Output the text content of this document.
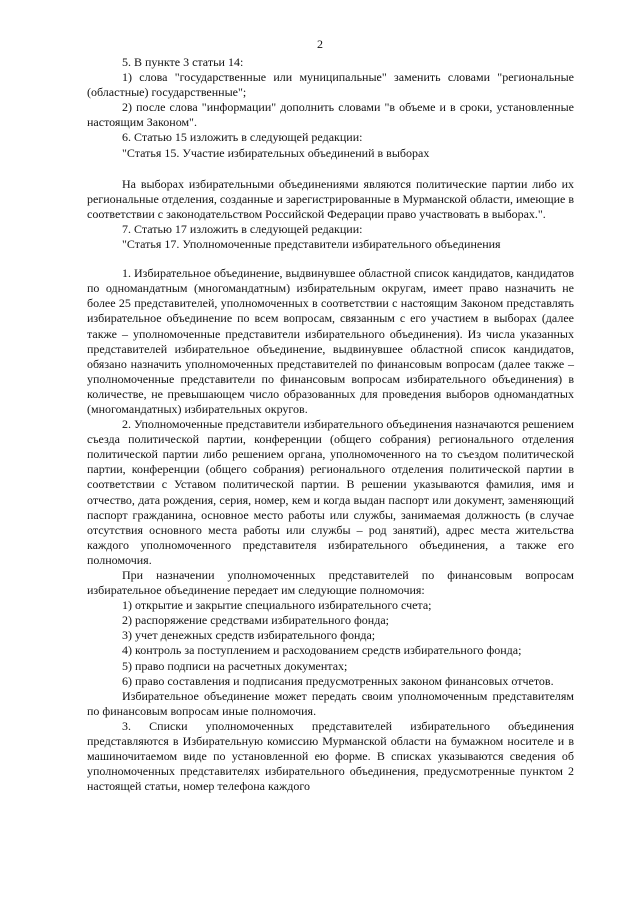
2

5. В пункте 3 статьи 14:

1) слова "государственные или муниципальные" заменить словами "региональные (областные) государственные";

2) после слова "информации" дополнить словами "в объеме и в сроки, установленные настоящим Законом".

6. Статью 15 изложить в следующей редакции:

"Статья 15. Участие избирательных объединений в выборах

На выборах избирательными объединениями являются политические партии либо их региональные отделения, созданные и зарегистрированные в Мурманской области, имеющие в соответствии с законодательством Российской Федерации право участвовать в выборах.".

7. Статью 17 изложить в следующей редакции:

"Статья 17. Уполномоченные представители избирательного объединения

1. Избирательное объединение, выдвинувшее областной список кандидатов, кандидатов по одномандатным (многомандатным) избирательным округам, имеет право назначить не более 25 представителей, уполномоченных в соответствии с настоящим Законом представлять избирательное объединение по всем вопросам, связанным с его участием в выборах (далее также – уполномоченные представители избирательного объединения). Из числа указанных представителей избирательное объединение, выдвинувшее областной список кандидатов, обязано назначить уполномоченных представителей по финансовым вопросам (далее также – уполномоченные представители по финансовым вопросам избирательного объединения) в количестве, не превышающем число образованных для проведения выборов одномандатных (многомандатных) избирательных округов.

2. Уполномоченные представители избирательного объединения назначаются решением съезда политической партии, конференции (общего собрания) регионального отделения политической партии либо решением органа, уполномоченного на то съездом политической партии, конференции (общего собрания) регионального отделения политической партии в соответствии с Уставом политической партии. В решении указываются фамилия, имя и отчество, дата рождения, серия, номер, кем и когда выдан паспорт или документ, заменяющий паспорт гражданина, основное место работы или службы, занимаемая должность (в случае отсутствия основного места работы или службы – род занятий), адрес места жительства каждого уполномоченного представителя избирательного объединения, а также его полномочия.

При назначении уполномоченных представителей по финансовым вопросам избирательное объединение передает им следующие полномочия:

1) открытие и закрытие специального избирательного счета;

2) распоряжение средствами избирательного фонда;

3) учет денежных средств избирательного фонда;

4) контроль за поступлением и расходованием средств избирательного фонда;

5) право подписи на расчетных документах;

6) право составления и подписания предусмотренных законом финансовых отчетов.

Избирательное объединение может передать своим уполномоченным представителям по финансовым вопросам иные полномочия.

3. Списки уполномоченных представителей избирательного объединения представляются в Избирательную комиссию Мурманской области на бумажном носителе и в машиночитаемом виде по установленной ею форме. В списках указываются сведения об уполномоченных представителях избирательного объединения, предусмотренные пунктом 2 настоящей статьи, номер телефона каждого
